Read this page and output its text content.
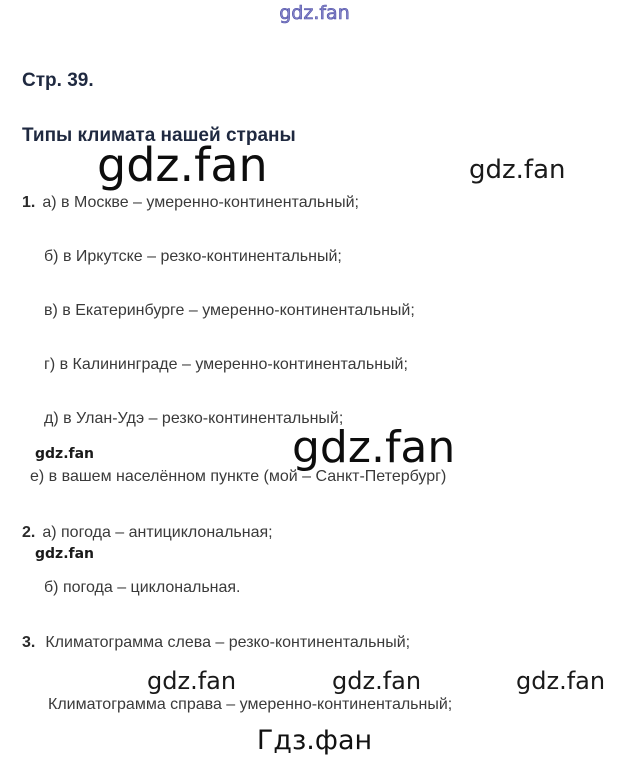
gdz.fan
Стр. 39.
Типы климата нашей страны
gdz.fan	gdz.fan
1. а) в Москве – умеренно-континентальный;
б) в Иркутске – резко-континентальный;
в) в Екатеринбурге – умеренно-континентальный;
г) в Калининграде – умеренно-континентальный;
д) в Улан-Удэ – резко-континентальный;
gdz.fan	gdz.fan
е) в вашем населённом пункте (мой – Санкт-Петербург)
2. а) погода – антициклональная;
gdz.fan
б) погода – циклональная.
3. Климатограмма слева – резко-континентальный;
gdz.fan	gdz.fan	gdz.fan
Климатограмма справа – умеренно-континентальный;
Гдз.фан
